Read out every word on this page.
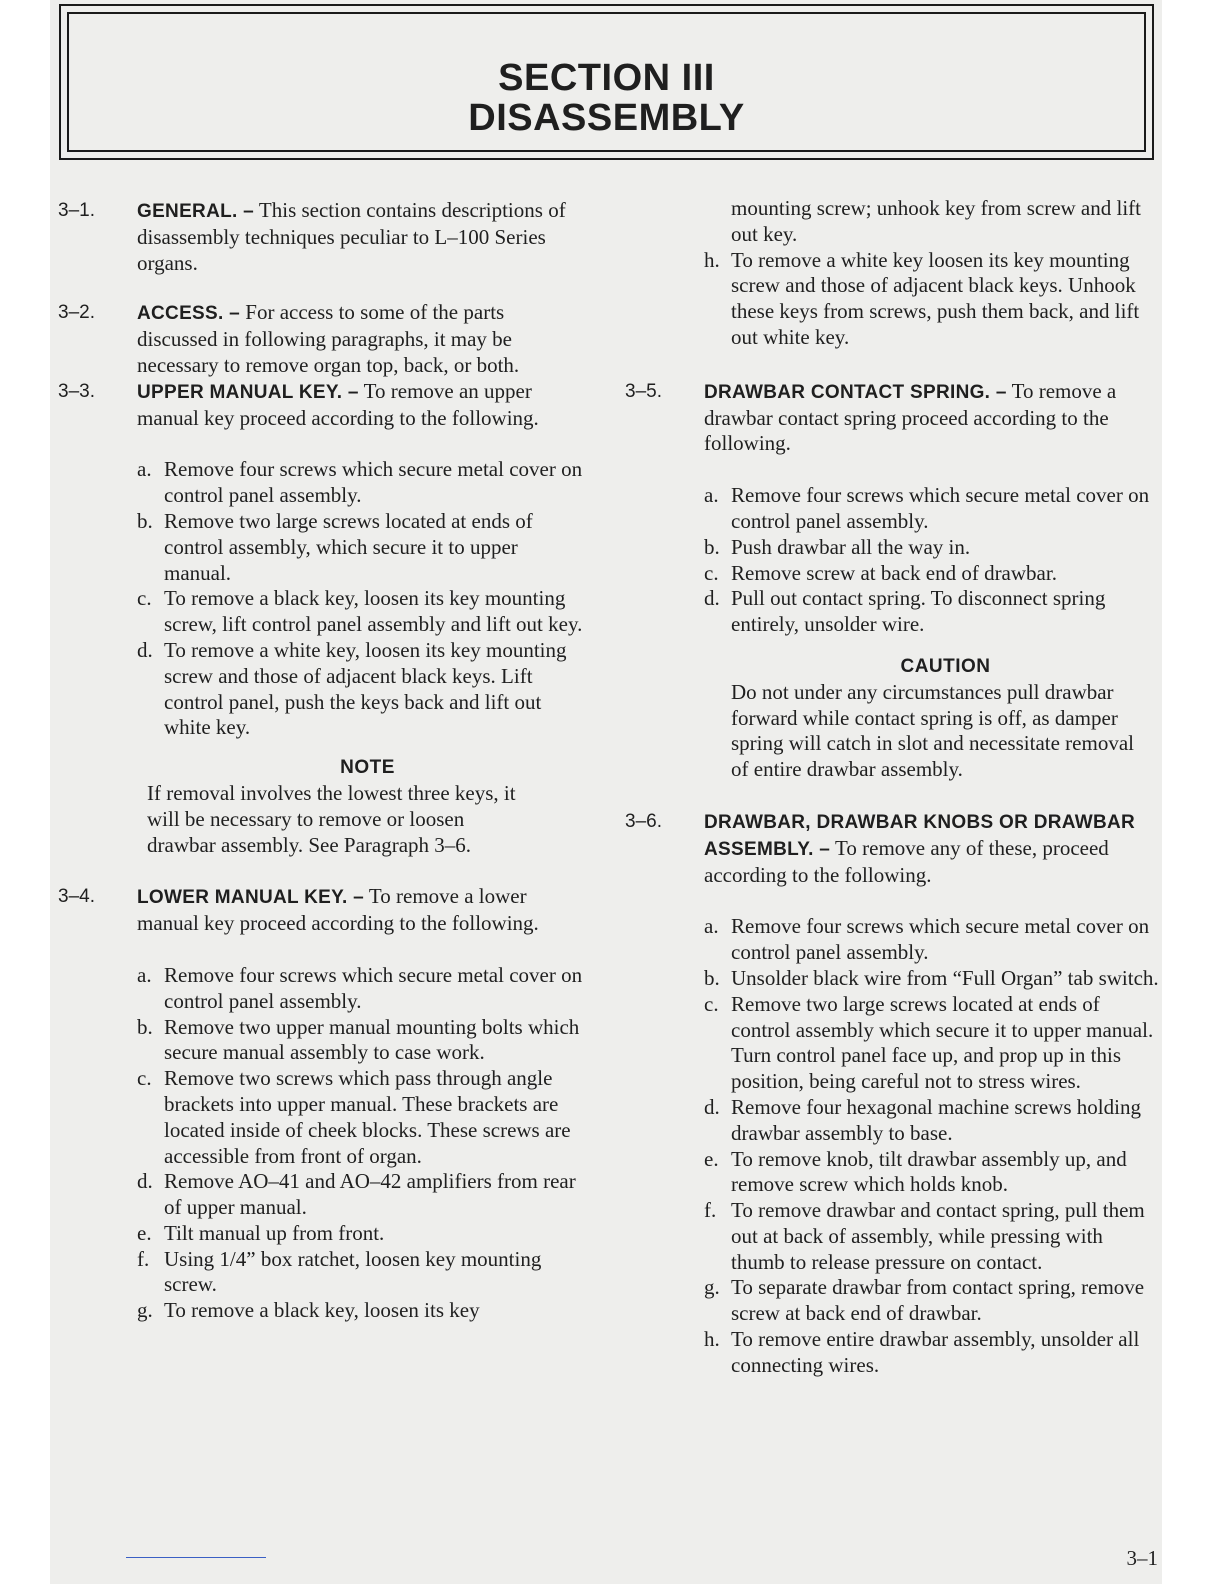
SECTION III
DISASSEMBLY
3–1. GENERAL. – This section contains descriptions of disassembly techniques peculiar to L–100 Series organs.
3–2. ACCESS. – For access to some of the parts discussed in following paragraphs, it may be necessary to remove organ top, back, or both.
3–3. UPPER MANUAL KEY. – To remove an upper manual key proceed according to the following.
a. Remove four screws which secure metal cover on control panel assembly.
b. Remove two large screws located at ends of control assembly, which secure it to upper manual.
c. To remove a black key, loosen its key mounting screw, lift control panel assembly and lift out key.
d. To remove a white key, loosen its key mounting screw and those of adjacent black keys. Lift control panel, push the keys back and lift out white key.
NOTE
If removal involves the lowest three keys, it will be necessary to remove or loosen drawbar assembly. See Paragraph 3–6.
3–4. LOWER MANUAL KEY. – To remove a lower manual key proceed according to the following.
a. Remove four screws which secure metal cover on control panel assembly.
b. Remove two upper manual mounting bolts which secure manual assembly to case work.
c. Remove two screws which pass through angle brackets into upper manual. These brackets are located inside of cheek blocks. These screws are accessible from front of organ.
d. Remove AO–41 and AO–42 amplifiers from rear of upper manual.
e. Tilt manual up from front.
f. Using 1/4” box ratchet, loosen key mounting screw.
g. To remove a black key, loosen its key
mounting screw; unhook key from screw and lift out key.
h. To remove a white key loosen its key mounting screw and those of adjacent black keys. Unhook these keys from screws, push them back, and lift out white key.
3–5. DRAWBAR CONTACT SPRING. – To remove a drawbar contact spring proceed according to the following.
a. Remove four screws which secure metal cover on control panel assembly.
b. Push drawbar all the way in.
c. Remove screw at back end of drawbar.
d. Pull out contact spring. To disconnect spring entirely, unsolder wire.
CAUTION
Do not under any circumstances pull drawbar forward while contact spring is off, as damper spring will catch in slot and necessitate removal of entire drawbar assembly.
3–6. DRAWBAR, DRAWBAR KNOBS OR DRAWBAR ASSEMBLY. – To remove any of these, proceed according to the following.
a. Remove four screws which secure metal cover on control panel assembly.
b. Unsolder black wire from “Full Organ” tab switch.
c. Remove two large screws located at ends of control assembly which secure it to upper manual. Turn control panel face up, and prop up in this position, being careful not to stress wires.
d. Remove four hexagonal machine screws holding drawbar assembly to base.
e. To remove knob, tilt drawbar assembly up, and remove screw which holds knob.
f. To remove drawbar and contact spring, pull them out at back of assembly, while pressing with thumb to release pressure on contact.
g. To separate drawbar from contact spring, remove screw at back end of drawbar.
h. To remove entire drawbar assembly, unsolder all connecting wires.
3–1
